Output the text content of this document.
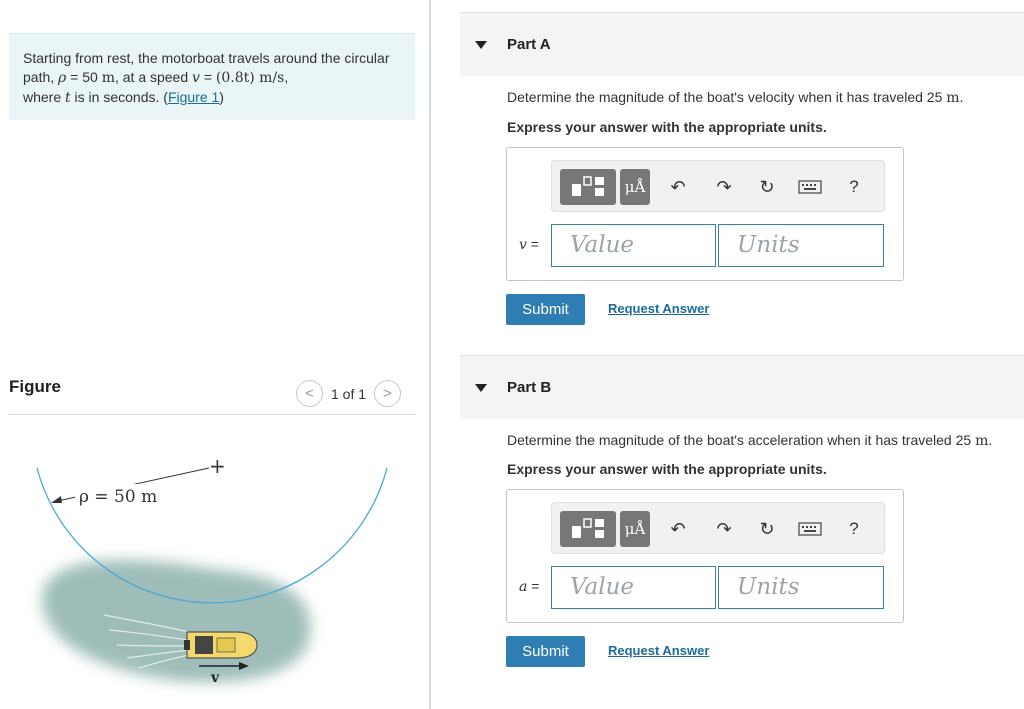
Starting from rest, the motorboat travels around the circular path, ρ = 50 m, at a speed v = (0.8t) m/s,
where t is in seconds. (Figure 1)
Figure	<	1 of 1	>
+
ρ = 50 m
v
Part A
Determine the magnitude of the boat's velocity when it has traveled 25 m.
Express your answer with the appropriate units.
μÅ	↶	↷	↻	?
v =	Value	Units
Submit	Request Answer
Part B
Determine the magnitude of the boat's acceleration when it has traveled 25 m.
Express your answer with the appropriate units.
μÅ	↶	↷	↻	?
a =	Value	Units
Submit	Request Answer
